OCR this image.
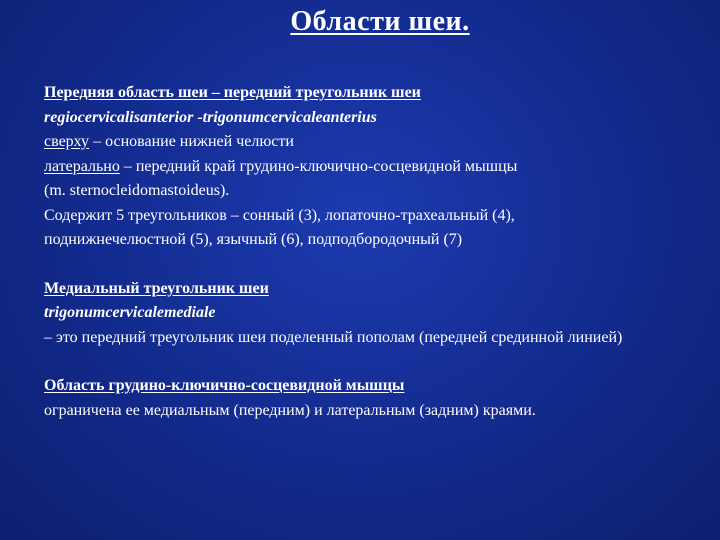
Области шеи.
Передняя область шеи – передний треугольник шеи
regiocervicalisanterior -trigonumcervicaleanterius
сверху – основание нижней челюсти
латерально – передний край грудино-ключично-сосцевидной мышцы
(m. sternocleidomastoideus).
Содержит 5 треугольников – сонный (3), лопаточно-трахеальный (4),
поднижнечелюстной (5), язычный (6), подподбородочный (7)
Медиальный треугольник шеи
trigonumcervicalemediale
– это передний треугольник шеи поделенный пополам (передней срединной линией)
Область грудино-ключично-сосцевидной мышцы
ограничена ее медиальным (передним) и латеральным (задним) краями.
